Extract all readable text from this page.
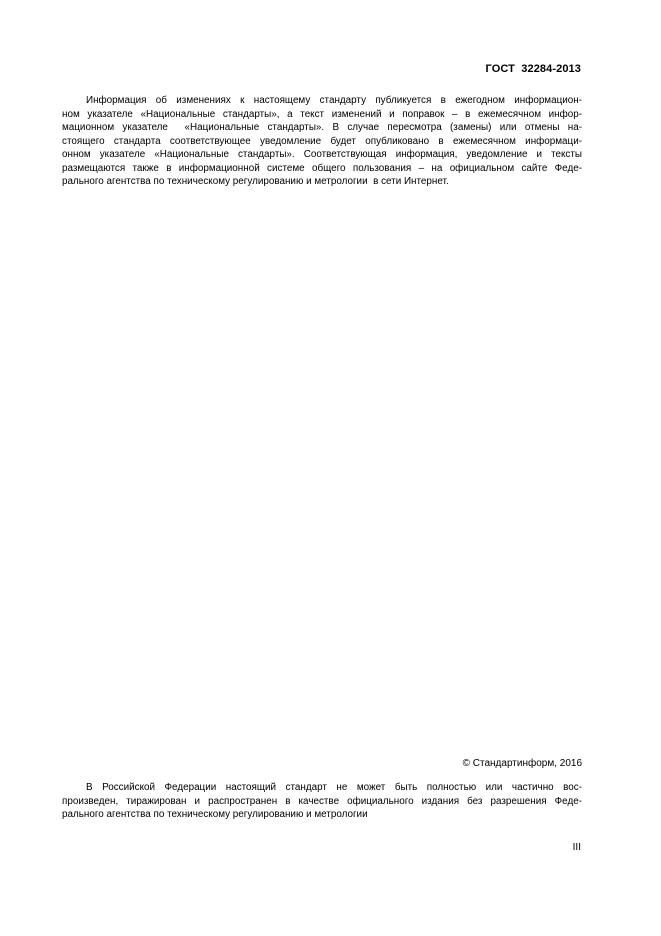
ГОСТ  32284-2013
Информация об изменениях к настоящему стандарту публикуется в ежегодном информацион-
ном указателе «Национальные стандарты», а текст изменений и поправок – в ежемесячном инфор-
мационном указателе  «Национальные стандарты». В случае пересмотра (замены) или отмены на-
стоящего стандарта соответствующее уведомление будет опубликовано в ежемесячном информаци-
онном указателе «Национальные стандарты». Соответствующая информация, уведомление и тексты
размещаются также в информационной системе общего пользования – на официальном сайте Феде-
рального агентства по техническому регулированию и метрологии  в сети Интернет.
© Стандартинформ, 2016
В Российской Федерации настоящий стандарт не может быть полностью или частично вос-
произведен, тиражирован и распространен в качестве официального издания без разрешения Феде-
рального агентства по техническому регулированию и метрологии
III
